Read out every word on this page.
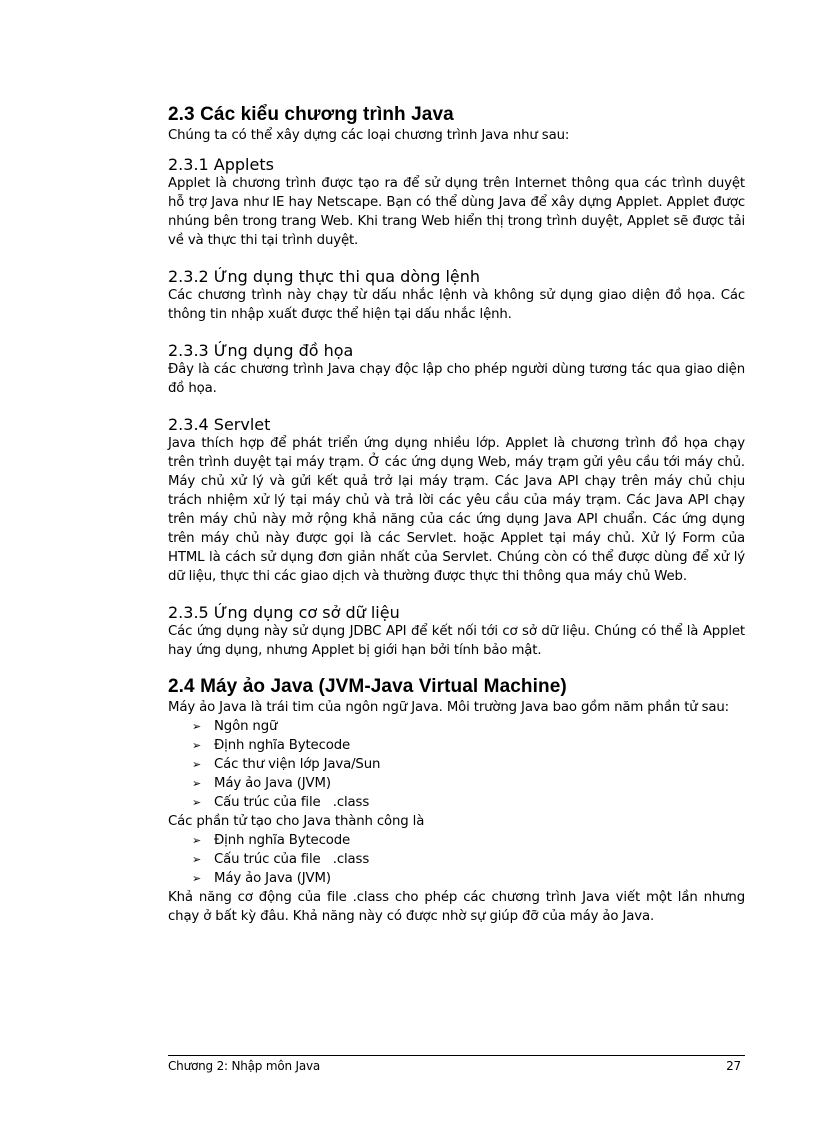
2.3 Các kiểu chương trình Java

Chúng ta có thể xây dựng các loại chương trình Java như sau:

2.3.1 Applets

Applet là chương trình được tạo ra để sử dụng trên Internet thông qua các trình duyệt hỗ trợ Java như IE hay Netscape. Bạn có thể dùng Java để xây dựng Applet. Applet được nhúng bên trong trang Web. Khi trang Web hiển thị trong trình duyệt, Applet sẽ được tải về và thực thi tại trình duyệt.

2.3.2 Ứng dụng thực thi qua dòng lệnh

Các chương trình này chạy từ dấu nhắc lệnh và không sử dụng giao diện đồ họa. Các thông tin nhập xuất được thể hiện tại dấu nhắc lệnh.

2.3.3 Ứng dụng đồ họa

Đây là các chương trình Java chạy độc lập cho phép người dùng tương tác qua giao diện đồ họa.

2.3.4 Servlet

Java thích hợp để phát triển ứng dụng nhiều lớp. Applet là chương trình đồ họa chạy trên trình duyệt tại máy trạm. Ở các ứng dụng Web, máy trạm gửi yêu cầu tới máy chủ. Máy chủ xử lý và gửi kết quả trở lại máy trạm. Các Java API chạy trên máy chủ chịu trách nhiệm xử lý tại máy chủ và trả lời các yêu cầu của máy trạm. Các Java API chạy trên máy chủ này mở rộng khả năng của các ứng dụng Java API chuẩn. Các ứng dụng trên máy chủ này được gọi là các Servlet. hoặc Applet tại máy chủ. Xử lý Form của HTML là cách sử dụng đơn giản nhất của Servlet. Chúng còn có thể được dùng để xử lý dữ liệu, thực thi các giao dịch và thường được thực thi thông qua máy chủ Web.

2.3.5 Ứng dụng cơ sở dữ liệu

Các ứng dụng này sử dụng JDBC API để kết nối tới cơ sở dữ liệu. Chúng có thể là Applet hay ứng dụng, nhưng Applet bị giới hạn bởi tính bảo mật.

2.4 Máy ảo Java (JVM-Java Virtual Machine)

Máy ảo Java là trái tim của ngôn ngữ Java. Môi trường Java bao gồm năm phần tử sau:

➢ Ngôn ngữ
➢ Định nghĩa Bytecode
➢ Các thư viện lớp Java/Sun
➢ Máy ảo Java (JVM)
➢ Cấu trúc của file   .class

Các phần tử tạo cho Java thành công là

➢ Định nghĩa Bytecode
➢ Cấu trúc của file   .class
➢ Máy ảo Java (JVM)

Khả năng cơ động của file .class cho phép các chương trình Java viết một lần nhưng chạy ở bất kỳ đâu. Khả năng này có được nhờ sự giúp đỡ của máy ảo Java.

Chương 2: Nhập môn Java	27
